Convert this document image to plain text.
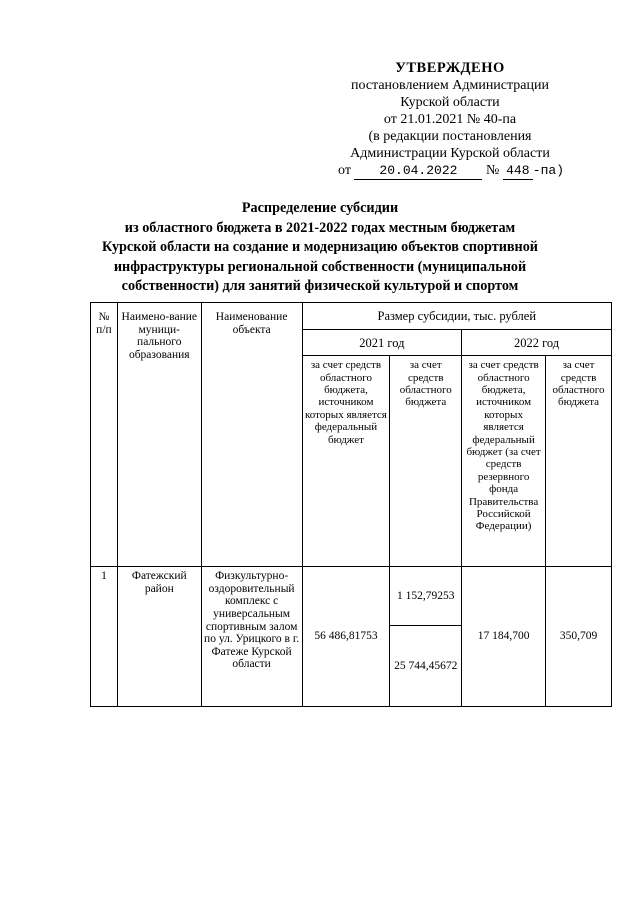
УТВЕРЖДЕНО
постановлением Администрации
Курской области
от 21.01.2021 № 40-па
(в редакции постановления
Администрации Курской области
от 20.04.2022 № 448 -па)
Распределение субсидии
из областного бюджета в 2021-2022 годах местным бюджетам
Курской области на создание и модернизацию объектов спортивной
инфраструктуры региональной собственности (муниципальной
собственности) для занятий физической культурой и спортом
№ п/п	Наимено-вание муници-пального образования	Наименование объекта	Размер субсидии, тыс. рублей			
			2021 год		2022 год	
			за счет средств областного бюджета, источником которых является федеральный бюджет	за счет средств областного бюджета	за счет средств областного бюджета, источником которых является федеральный бюджет (за счет средств резервного фонда Правительства Российской Федерации)	за счет средств областного бюджета
1	Фатежский район	Физкультурно-оздоровительный комплекс с универсальным спортивным залом по ул. Урицкого в г. Фатеже Курской области	56 486,81753	1 152,79253	17 184,700	350,709
				25 744,45672		
